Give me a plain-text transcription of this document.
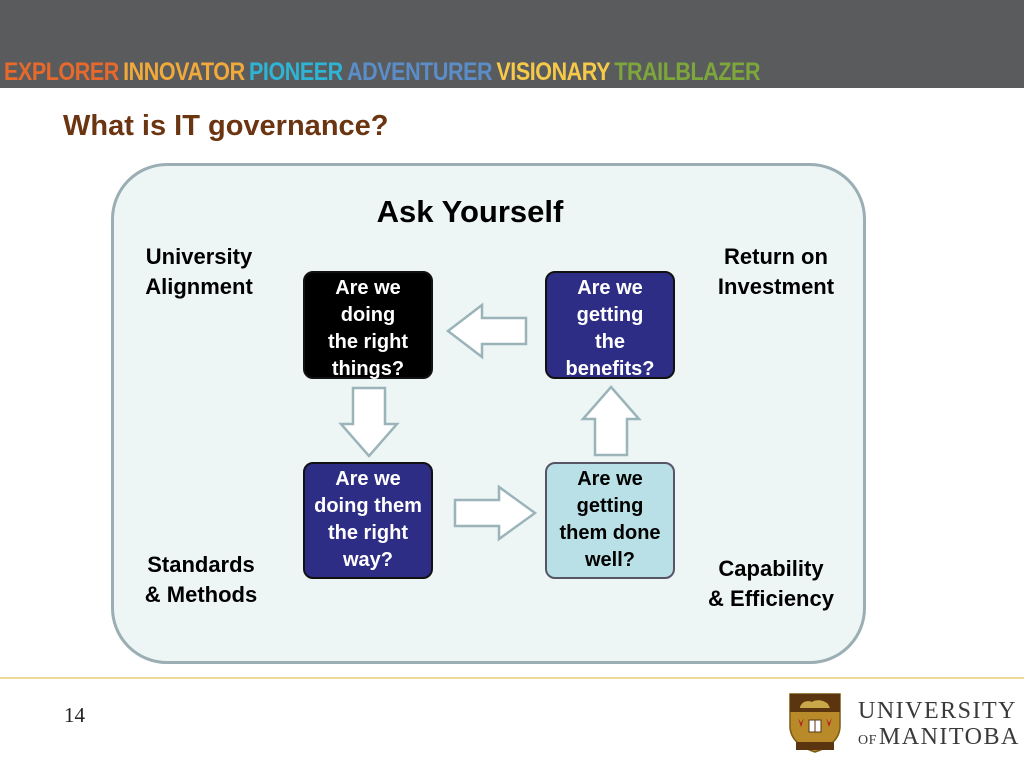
EXPLORER INNOVATOR PIONEER ADVENTURER VISIONARY TRAILBLAZER
What is IT governance?
Ask Yourself
University
Alignment
Return on
Investment
Standards
& Methods
Capability
& Efficiency
Are we
doing
the right
things?
Are we
getting
the
benefits?
Are we
doing them
the right
way?
Are we
getting
them done
well?
14	UNIVERSITY
OFMANITOBA
